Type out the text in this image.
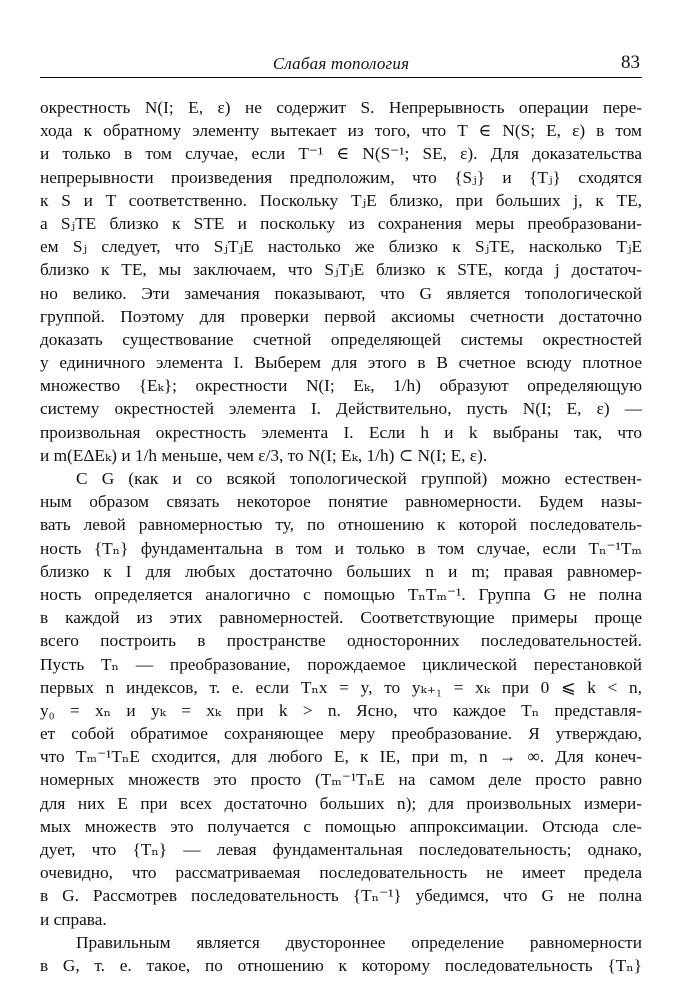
Слабая топология	83
окрестность N(I; E, ε) не содержит S. Непрерывность операции пере-
хода к обратному элементу вытекает из того, что T ∈ N(S; E, ε) в том
и только в том случае, если T⁻¹ ∈ N(S⁻¹; SE, ε). Для доказательства
непрерывности произведения предположим, что {Sⱼ} и {Tⱼ} сходятся
к S и T соответственно. Поскольку TⱼE близко, при больших j, к TE,
а SⱼTE близко к STE и поскольку из сохранения меры преобразовани-
ем Sⱼ следует, что SⱼTⱼE настолько же близко к SⱼTE, насколько TⱼE
близко к TE, мы заключаем, что SⱼTⱼE близко к STE, когда j достаточ-
но велико. Эти замечания показывают, что G является топологической
группой. Поэтому для проверки первой аксиомы счетности достаточно
доказать существование счетной определяющей системы окрестностей
у единичного элемента I. Выберем для этого в B счетное всюду плотное
множество {Eₖ}; окрестности N(I; Eₖ, 1/h) образуют определяющую
систему окрестностей элемента I. Действительно, пусть N(I; E, ε) —
произвольная окрестность элемента I. Если h и k выбраны так, что
и m(EΔEₖ) и 1/h меньше, чем ε/3, то N(I; Eₖ, 1/h) ⊂ N(I; E, ε).
С G (как и со всякой топологической группой) можно естествен-
ным образом связать некоторое понятие равномерности. Будем назы-
вать левой равномерностью ту, по отношению к которой последователь-
ность {Tₙ} фундаментальна в том и только в том случае, если Tₙ⁻¹Tₘ
близко к I для любых достаточно больших n и m; правая равномер-
ность определяется аналогично с помощью TₙTₘ⁻¹. Группа G не полна
в каждой из этих равномерностей. Соответствующие примеры проще
всего построить в пространстве односторонних последовательностей.
Пусть Tₙ — преобразование, порождаемое циклической перестановкой
первых n индексов, т. е. если Tₙx = y, то yₖ₊₁ = xₖ при 0 ⩽ k < n,
y₀ = xₙ и yₖ = xₖ при k > n. Ясно, что каждое Tₙ представля-
ет собой обратимое сохраняющее меру преобразование. Я утверждаю,
что Tₘ⁻¹TₙE сходится, для любого E, к IE, при m, n → ∞. Для конеч-
номерных множеств это просто (Tₘ⁻¹TₙE на самом деле просто равно
для них E при всех достаточно больших n); для произвольных измери-
мых множеств это получается с помощью аппроксимации. Отсюда сле-
дует, что {Tₙ} — левая фундаментальная последовательность; однако,
очевидно, что рассматриваемая последовательность не имеет предела
в G. Рассмотрев последовательность {Tₙ⁻¹} убедимся, что G не полна
и справа.
Правильным является двустороннее определение равномерности
в G, т. е. такое, по отношению к которому последовательность {Tₙ}
